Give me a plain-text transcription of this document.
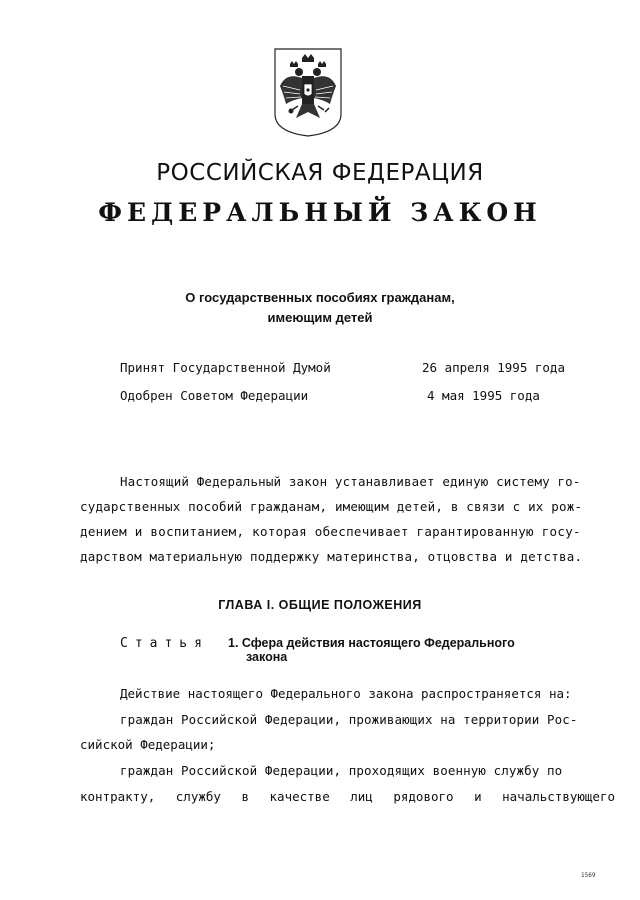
РОССИЙСКАЯ ФЕДЕРАЦИЯ
ФЕДЕРАЛЬНЫЙ ЗАКОН
О государственных пособиях гражданам,
имеющим детей
Принят Государственной Думой	26 апреля 1995 года
Одобрен Советом Федерации	4 мая 1995 года
Настоящий Федеральный закон устанавливает единую систему го-
сударственных пособий гражданам, имеющим детей, в связи с их рож-
дением и воспитанием, которая обеспечивает гарантированную госу-
дарством материальную поддержку материнства, отцовства и детства.
ГЛАВА I. ОБЩИЕ ПОЛОЖЕНИЯ
Статья 1. Сфера действия настоящего Федерального
закона
Действие настоящего Федерального закона распространяется на:
граждан Российской Федерации, проживающих на территории Рос-
сийской Федерации;
граждан Российской Федерации, проходящих военную службу по
контракту, службу в качестве лиц рядового и начальствующего
1569
